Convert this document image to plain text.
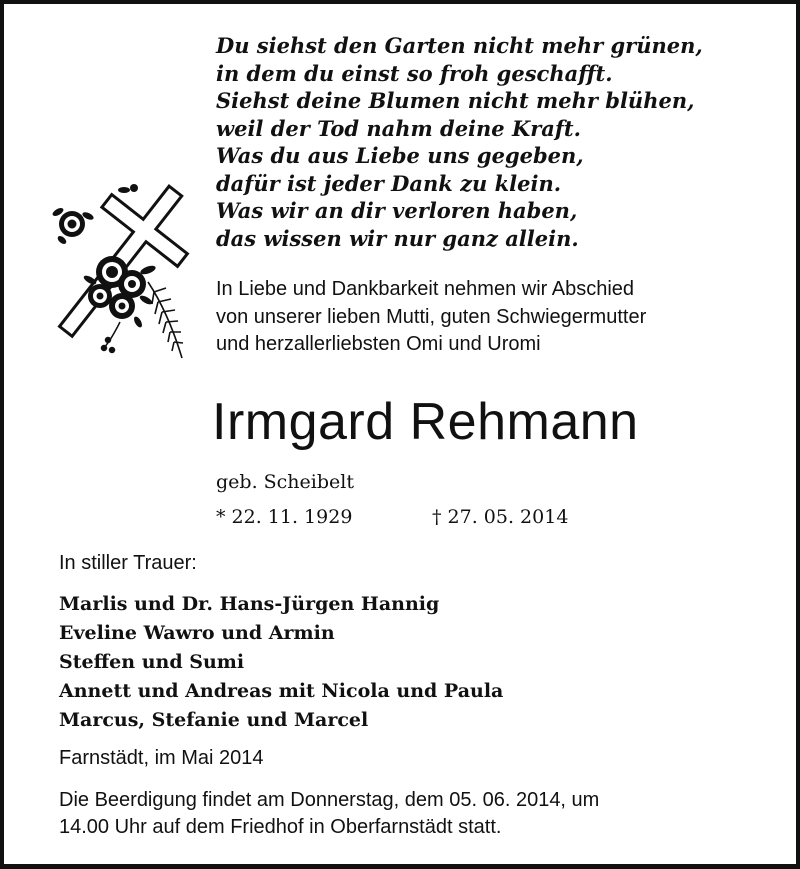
Du siehst den Garten nicht mehr grünen,
in dem du einst so froh geschafft.
Siehst deine Blumen nicht mehr blühen,
weil der Tod nahm deine Kraft.
Was du aus Liebe uns gegeben,
dafür ist jeder Dank zu klein.
Was wir an dir verloren haben,
das wissen wir nur ganz allein.
In Liebe und Dankbarkeit nehmen wir Abschied
von unserer lieben Mutti, guten Schwiegermutter
und herzallerliebsten Omi und Uromi
Irmgard Rehmann
geb. Scheibelt
* 22. 11. 1929	† 27. 05. 2014
In stiller Trauer:
Marlis und Dr. Hans-Jürgen Hannig
Eveline Wawro und Armin
Steffen und Sumi
Annett und Andreas mit Nicola und Paula
Marcus, Stefanie und Marcel
Farnstädt, im Mai 2014
Die Beerdigung findet am Donnerstag, dem 05. 06. 2014, um
14.00 Uhr auf dem Friedhof in Oberfarnstädt statt.
